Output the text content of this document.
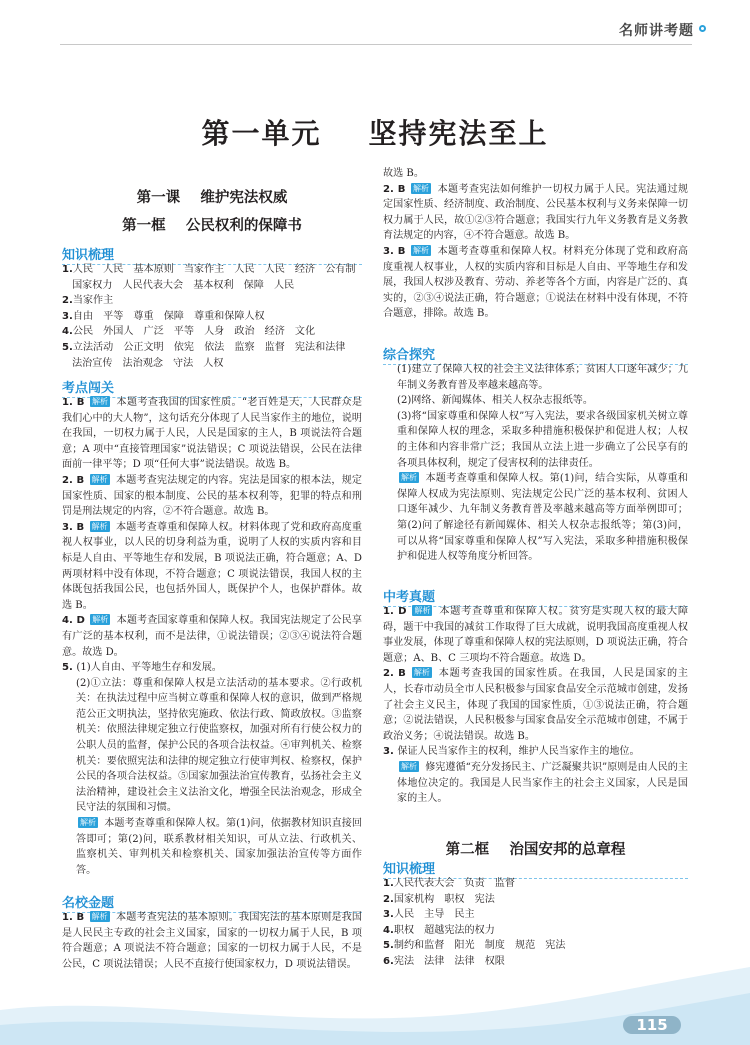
名师讲考题
第一单元    坚持宪法至上
第一课    维护宪法权威
第一框    公民权利的保障书
知识梳理

1.人民　人民　基本原则　当家作主　人民　人民　经济　公有制

　国家权力　人民代表大会　基本权利　保障　人民

2.当家作主

3.自由　平等　尊重　保障　尊重和保障人权

4.公民　外国人　广泛　平等　人身　政治　经济　文化

5.立法活动　公正文明　依宪　依法　监察　监督　宪法和法律

　法治宣传　法治观念　守法　人权

考点闯关

1. B 解析 本题考查我国的国家性质。“老百姓是天，人民群众是我们心中的大人物”，这句话充分体现了人民当家作主的地位，说明在我国，一切权力属于人民，人民是国家的主人，B 项说法符合题意；A 项中“直接管理国家”说法错误；C 项说法错误，公民在法律面前一律平等；D 项“任何大事”说法错误。故选 B。

2. B 解析 本题考查宪法规定的内容。宪法是国家的根本法，规定国家性质、国家的根本制度、公民的基本权利等，犯罪的特点和刑罚是刑法规定的内容，②不符合题意。故选 B。

3. B 解析 本题考查尊重和保障人权。材料体现了党和政府高度重视人权事业，以人民的切身利益为重，说明了人权的实质内容和目标是人自由、平等地生存和发展，B 项说法正确，符合题意；A、D 两项材料中没有体现，不符合题意；C 项说法错误，我国人权的主体既包括我国公民，也包括外国人，既保护个人，也保护群体。故选 B。

4. D 解析 本题考查国家尊重和保障人权。我国宪法规定了公民享有广泛的基本权利，而不是法律，①说法错误；②③④说法符合题意。故选 D。

5. (1)人自由、平等地生存和发展。

(2)①立法：尊重和保障人权是立法活动的基本要求。②行政机关：在执法过程中应当树立尊重和保障人权的意识，做到严格规范公正文明执法，坚持依宪施政、依法行政、简政放权。③监察机关：依照法律规定独立行使监察权，加强对所有行使公权力的公职人员的监督，保护公民的各项合法权益。④审判机关、检察机关：要依照宪法和法律的规定独立行使审判权、检察权，保护公民的各项合法权益。⑤国家加强法治宣传教育，弘扬社会主义法治精神，建设社会主义法治文化，增强全民法治观念，形成全民守法的氛围和习惯。

解析 本题考查尊重和保障人权。第(1)问，依据教材知识直接回答即可；第(2)问，联系教材相关知识，可从立法、行政机关、监察机关、审判机关和检察机关、国家加强法治宣传等方面作答。

名校金题

1. B 解析 本题考查宪法的基本原则。我国宪法的基本原则是我国是人民民主专政的社会主义国家，国家的一切权力属于人民，B 项符合题意；A 项说法不符合题意；国家的一切权力属于人民，不是公民，C 项说法错误；人民不直接行使国家权力，D 项说法错误。

故选 B。

2. B 解析 本题考查宪法如何维护一切权力属于人民。宪法通过规定国家性质、经济制度、政治制度、公民基本权利与义务来保障一切权力属于人民，故①②③符合题意；我国实行九年义务教育是义务教育法规定的内容，④不符合题意。故选 B。

3. B 解析 本题考查尊重和保障人权。材料充分体现了党和政府高度重视人权事业，人权的实质内容和目标是人自由、平等地生存和发展，我国人权涉及教育、劳动、养老等各个方面，内容是广泛的、真实的，②③④说法正确，符合题意；①说法在材料中没有体现，不符合题意，排除。故选 B。

综合探究

(1)建立了保障人权的社会主义法律体系；贫困人口逐年减少；九年制义务教育普及率越来越高等。

(2)网络、新闻媒体、相关人权杂志报纸等。

(3)将“国家尊重和保障人权”写入宪法，要求各级国家机关树立尊重和保障人权的理念，采取多种措施积极保护和促进人权；人权的主体和内容非常广泛；我国从立法上进一步确立了公民享有的各项具体权利，规定了侵害权利的法律责任。

解析 本题考查尊重和保障人权。第(1)问，结合实际，从尊重和保障人权成为宪法原则、宪法规定公民广泛的基本权利、贫困人口逐年减少、九年制义务教育普及率越来越高等方面举例即可；第(2)问了解途径有新闻媒体、相关人权杂志报纸等；第(3)问，可以从将“国家尊重和保障人权”写入宪法，采取多种措施积极保护和促进人权等角度分析回答。

中考真题

1. D 解析 本题考查尊重和保障人权。贫穷是实现人权的最大障碍，题干中我国的减贫工作取得了巨大成就，说明我国高度重视人权事业发展，体现了尊重和保障人权的宪法原则，D 项说法正确，符合题意；A、B、C 三项均不符合题意。故选 D。

2. B 解析 本题考查我国的国家性质。在我国，人民是国家的主人，长春市动员全市人民积极参与国家食品安全示范城市创建，发扬了社会主义民主，体现了我国的国家性质，①③说法正确，符合题意；②说法错误，人民积极参与国家食品安全示范城市创建，不属于政治义务；④说法错误。故选 B。

3. 保证人民当家作主的权利，维护人民当家作主的地位。

解析 修宪遵循“充分发扬民主、广泛凝聚共识”原则是由人民的主体地位决定的。我国是人民当家作主的社会主义国家，人民是国家的主人。

第二框    治国安邦的总章程
知识梳理

1.人民代表大会　负责　监督

2.国家机构　职权　宪法

3.人民　主导　民主

4.职权　超越宪法的权力

5.制约和监督　阳光　制度　规范　宪法

6.宪法　法律　法律　权限

115
